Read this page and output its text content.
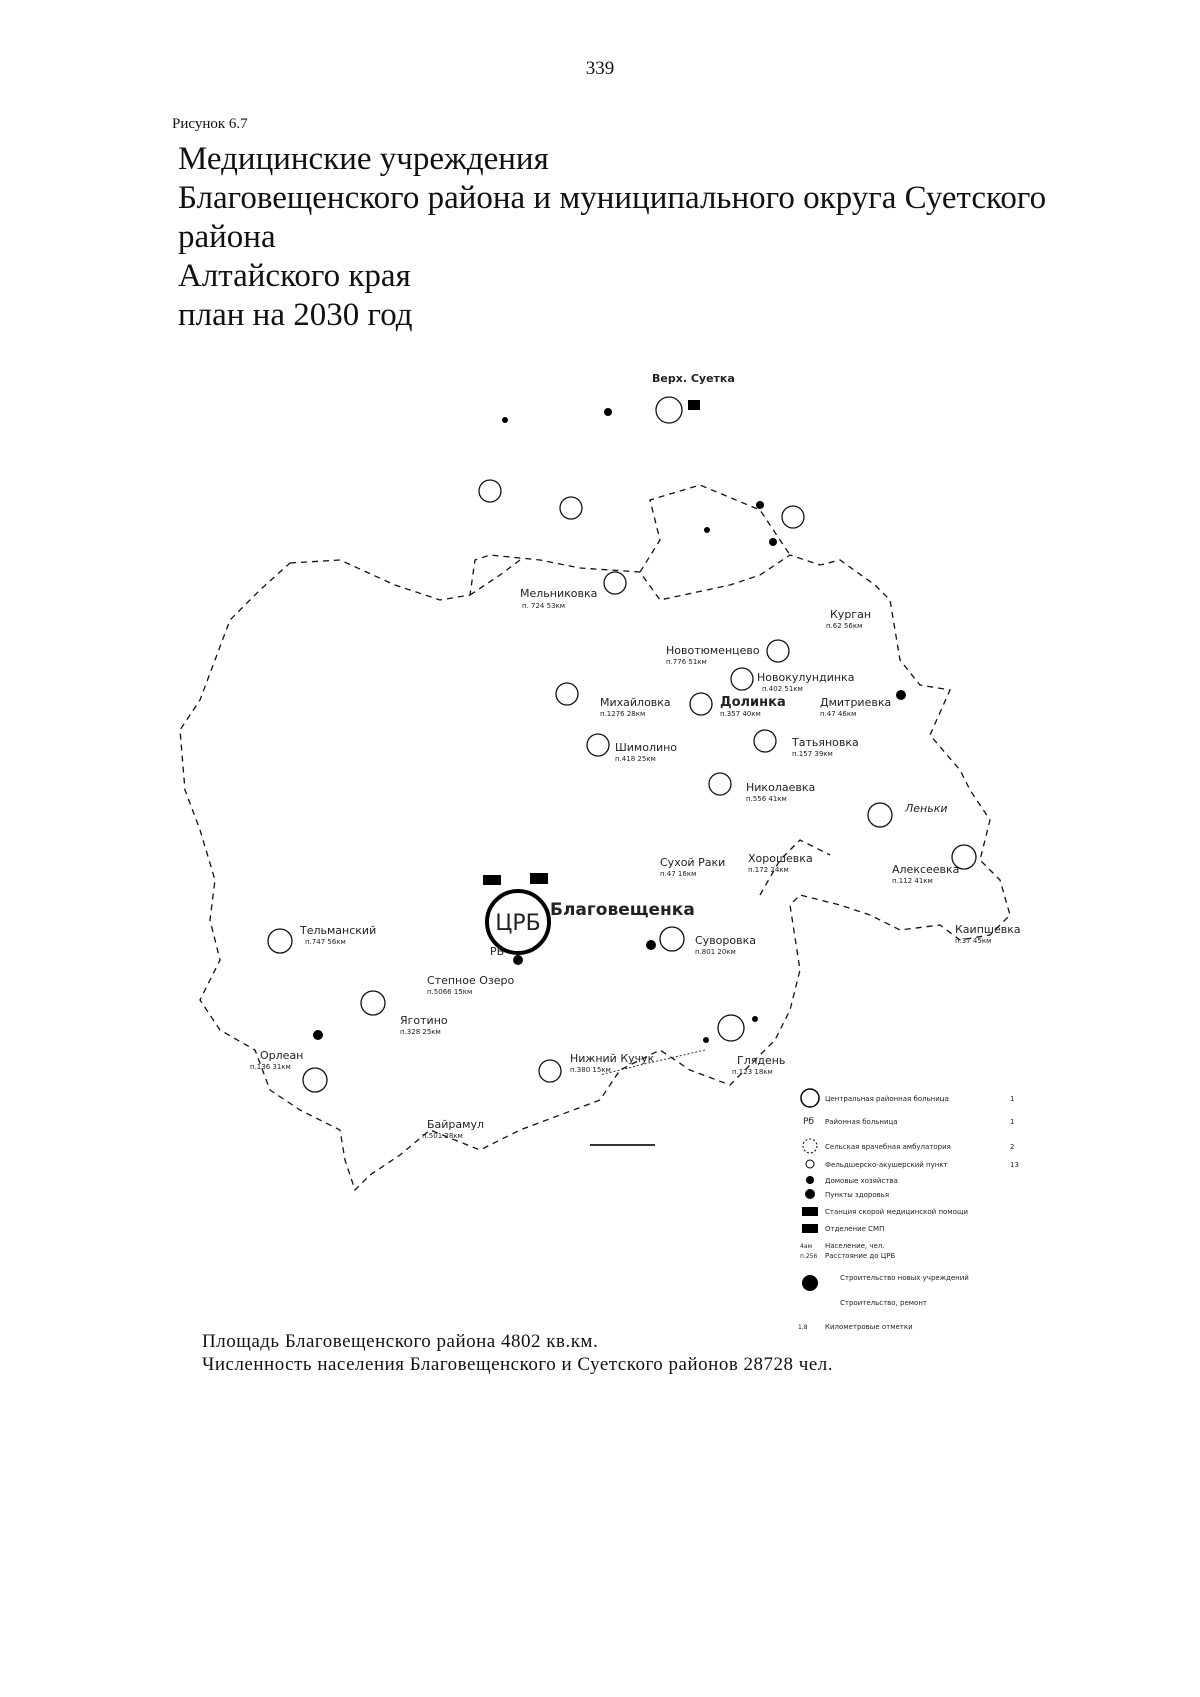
339
Рисунок 6.7
Медицинские учреждения
Благовещенского района и муниципального округа Суетского
района
Алтайского края
план на 2030 год
ЦРБ
Благовещенка
РБ
Верх. Суетка
Мельниковка
п. 724 53км
Курган
п.62 56км
Новотюменцево
п.776 51км
Новокулундинка
п.402 51км
Михайловка
п.1276 28км
Долинка
п.357 40км
Дмитриевка
п.47 46км
Шимолино
п.418 25км
Татьяновка
п.157 39км
Леньки
Николаевка
п.556 41км
Сухой Раки
п.47 16км
Хорошевка
п.172 24км	Алексеевка
п.112 41км
Каипшевка
п.37 45км
Тельманский
п.747 56км	Суворовка
п.801 20км
Степное Озеро
п.5066 15км
Яготино
п.328 25км
Орлеан
п.136 31км
Нижний Кучук
п.380 15км
Глядень
п.123 18км
Байрамул
п.501 28км
Центральная районная больница	1
Рб Районная больница	1
Сельская врачебная амбулатория	2
Фельдшерско-акушерский пункт	13
Домовые хозяйства
Пункты здоровья
Станция скорой медицинской помощи
Отделение СМП
4ам Население, чел.
п.256 Расстояние до ЦРБ
Строительство новых учреждений
Строительство, ремонт
1,8 Километровые отметки
Площадь Благовещенского района 4802 кв.км.
Численность населения Благовещенского и Суетского районов 28728 чел.
